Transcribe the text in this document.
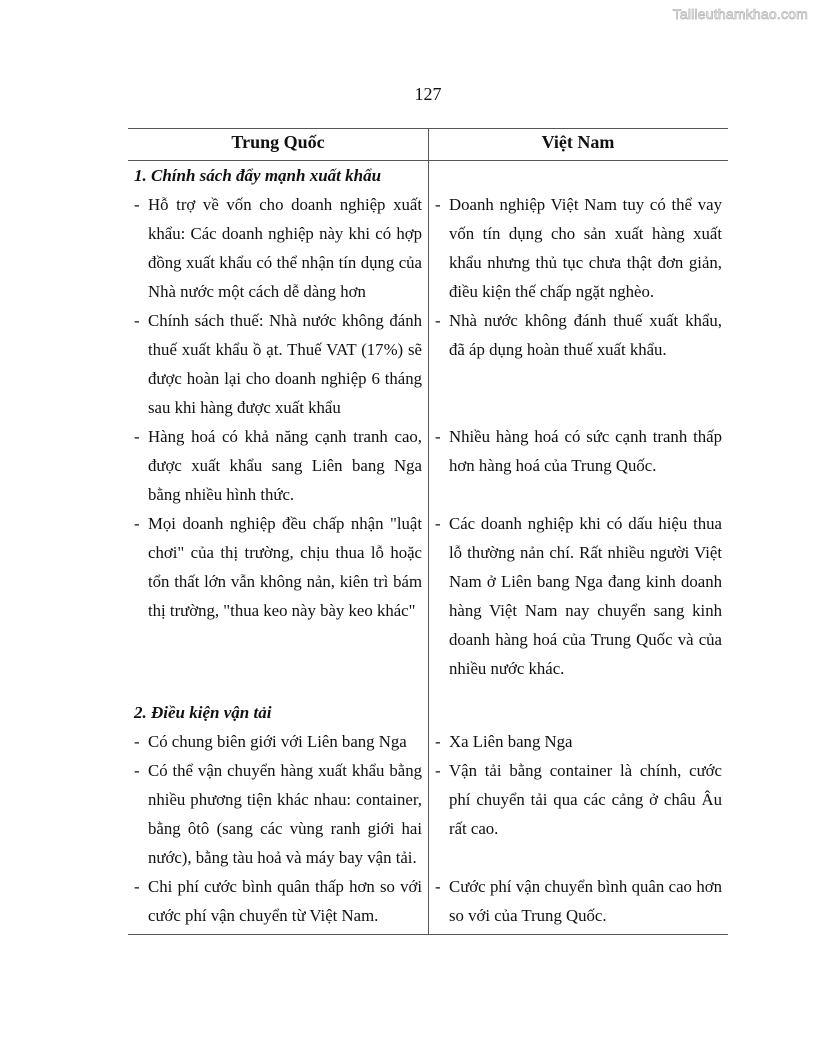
Tailieuthamkhao.com
127
Trung Quốc	Việt Nam
1. Chính sách đẩy mạnh xuất khẩu
- Hỗ trợ về vốn cho doanh nghiệp xuất khẩu: Các doanh nghiệp này khi có hợp đồng xuất khẩu có thể nhận tín dụng của Nhà nước một cách dễ dàng hơn
- Doanh nghiệp Việt Nam tuy có thể vay vốn tín dụng cho sản xuất hàng xuất khẩu nhưng thủ tục chưa thật đơn giản, điều kiện thế chấp ngặt nghèo.
- Chính sách thuế: Nhà nước không đánh thuế xuất khẩu ồ ạt. Thuế VAT (17%) sẽ được hoàn lại cho doanh nghiệp 6 tháng sau khi hàng được xuất khẩu
- Nhà nước không đánh thuế xuất khẩu, đã áp dụng hoàn thuế xuất khẩu.
- Hàng hoá có khả năng cạnh tranh cao, được xuất khẩu sang Liên bang Nga bằng nhiều hình thức.
- Nhiều hàng hoá có sức cạnh tranh thấp hơn hàng hoá của Trung Quốc.
- Mọi doanh nghiệp đều chấp nhận "luật chơi" của thị trường, chịu thua lỗ hoặc tổn thất lớn vẫn không nản, kiên trì bám thị trường, "thua keo này bày keo khác"
- Các doanh nghiệp khi có dấu hiệu thua lỗ thường nản chí. Rất nhiều người Việt Nam ở Liên bang Nga đang kinh doanh hàng Việt Nam nay chuyển sang kinh doanh hàng hoá của Trung Quốc và của nhiều nước khác.
2. Điều kiện vận tải
- Có chung biên giới với Liên bang Nga	- Xa Liên bang Nga
- Có thể vận chuyển hàng xuất khẩu bằng nhiều phương tiện khác nhau: container, bằng ôtô (sang các vùng ranh giới hai nước), bằng tàu hoả và máy bay vận tải.
- Vận tải bằng container là chính, cước phí chuyển tải qua các cảng ở châu Âu rất cao.
- Chi phí cước bình quân thấp hơn so với cước phí vận chuyển từ Việt Nam.
- Cước phí vận chuyển bình quân cao hơn so với của Trung Quốc.
